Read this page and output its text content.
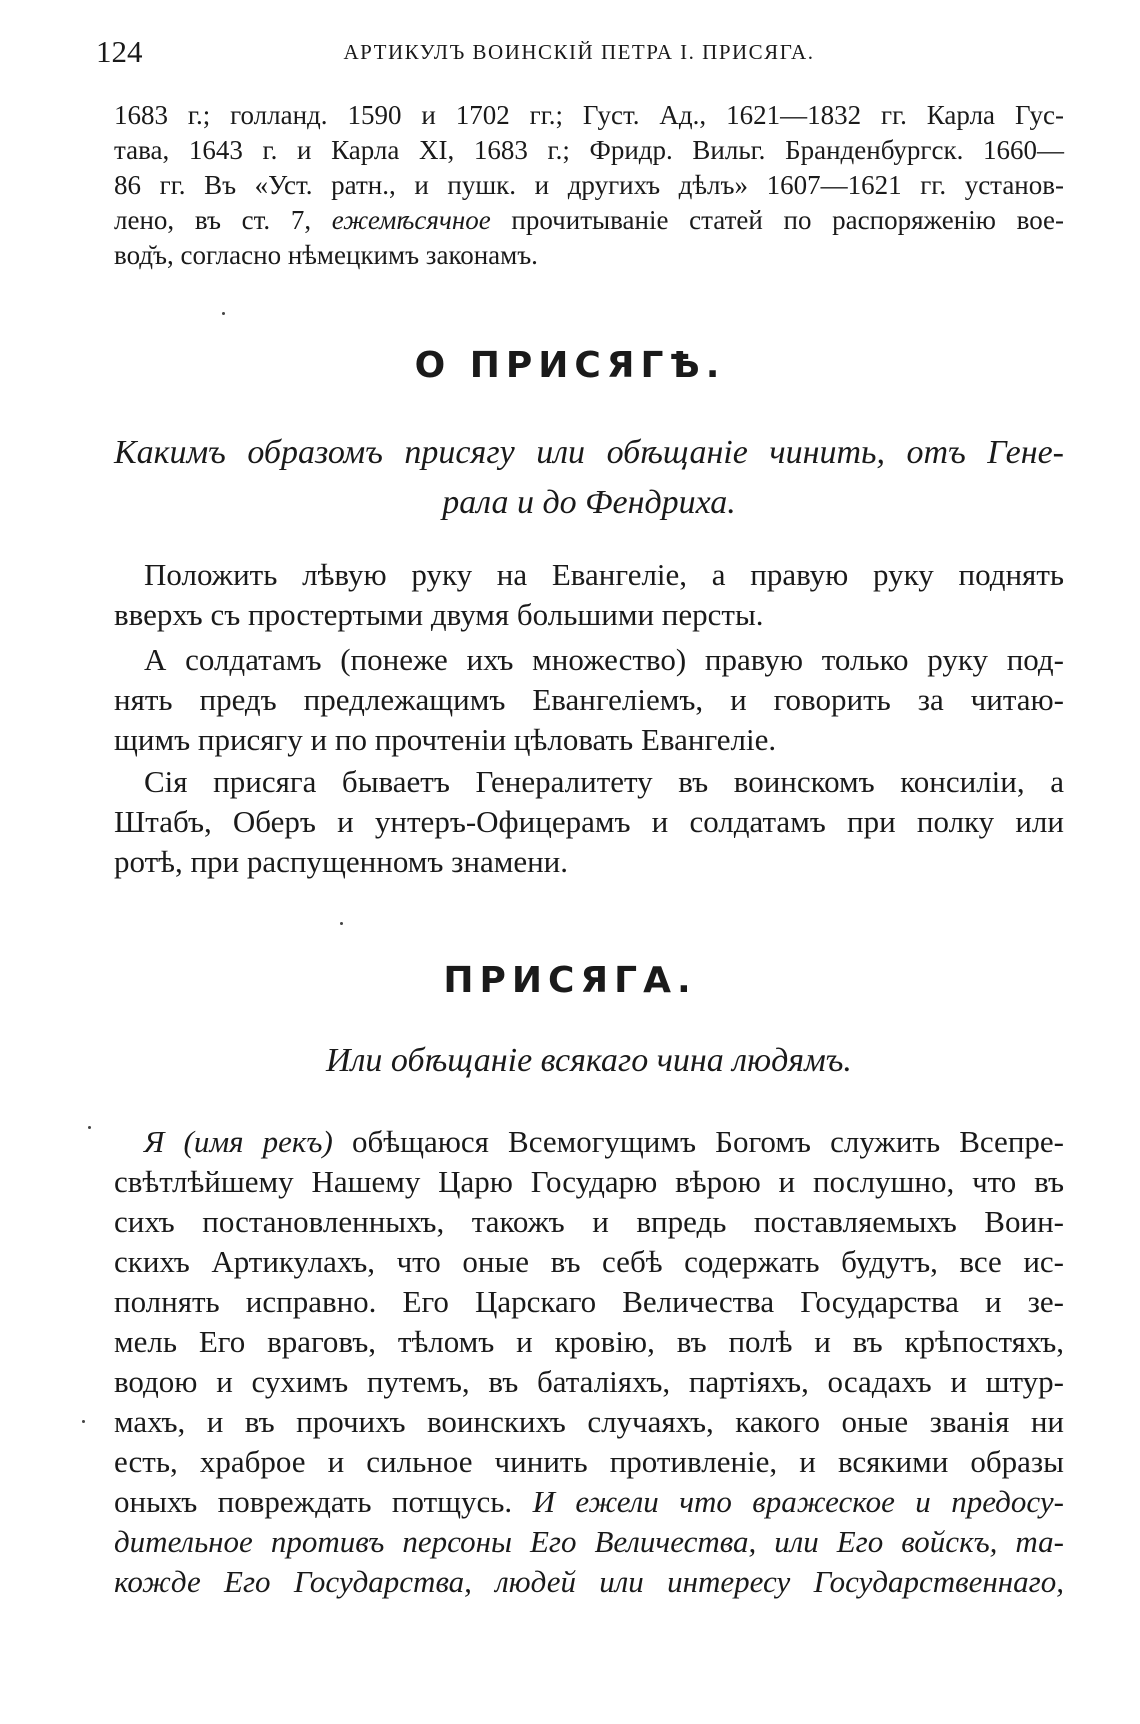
124	АРТИКУЛЪ ВОИНСКІЙ ПЕТРА I. ПРИСЯГА.
1683 г.; голланд. 1590 и 1702 гг.; Густ. Ад., 1621—1832 гг. Карла Гус-
тава, 1643 г. и Карла XI, 1683 г.; Фридр. Вильг. Бранденбургск. 1660—
86 гг. Въ «Уст. ратн., и пушк. и другихъ дѣлъ» 1607—1621 гг. установ-
лено, въ ст. 7, ежемѣсячное прочитываніе статей по распоряженію вое-
вод̆ъ, согласно нѣмецкимъ законамъ.
О ПРИСЯГѢ.
Какимъ образомъ присягу или обѣщаніе чинить, отъ Гене-
рала и до Фендриха.
Положить лѣвую руку на Евангеліе, а правую руку поднять
вверхъ съ простертыми двумя большими персты.
А солдатамъ (понеже ихъ множество) правую только руку под-
нять предъ предлежащимъ Евангеліемъ, и говорить за читаю-
щимъ присягу и по прочтеніи цѣловать Евангеліе.
Сія присяга бываетъ Генералитету въ воинскомъ консиліи, а
Штабъ, Оберъ и унтеръ-Офицерамъ и солдатамъ при полку или
ротѣ, при распущенномъ знамени.
ПРИСЯГА.
Или обѣщаніе всякаго чина людямъ.
Я (имя рекъ) обѣщаюся Всемогущимъ Богомъ служить Всепре-
свѣтлѣйшему Нашему Царю Государю вѣрою и послушно, что въ
сихъ постановленныхъ, такожъ и впредь поставляемыхъ Воин-
скихъ Артикулахъ, что оные въ себѣ содержать будутъ, все ис-
полнять исправно. Его Царскаго Величества Государства и зе-
мель Его враговъ, тѣломъ и кровію, въ полѣ и въ крѣпостяхъ,
водою и сухимъ путемъ, въ баталіяхъ, партіяхъ, осадахъ и штур-
махъ, и въ прочихъ воинскихъ случаяхъ, какого оные званія ни
есть, храброе и сильное чинить противленіе, и всякими образы
оныхъ повреждать потщусь. И ежели что вражеское и предосу-
дительное противъ персоны Его Величества, или Его войскъ, та-
кожде Его Государства, людей или интересу Государственнаго,
